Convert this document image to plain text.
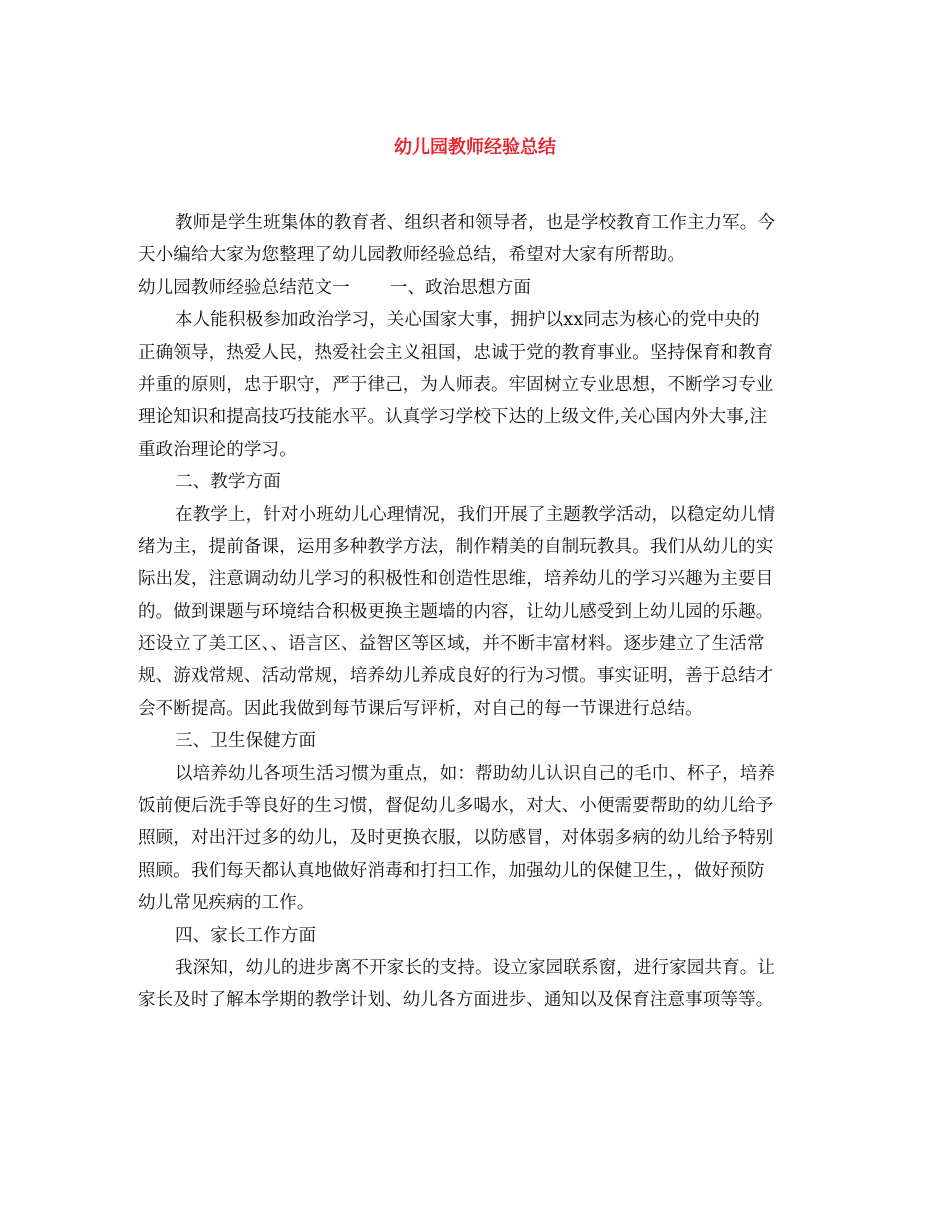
幼儿园教师经验总结

教师是学生班集体的教育者、组织者和领导者，也是学校教育工作主力军。今

天小编给大家为您整理了幼儿园教师经验总结，希望对大家有所帮助。

幼儿园教师经验总结范文一 一、政治思想方面

本人能积极参加政治学习，关心国家大事，拥护以xx同志为核心的党中央的

正确领导，热爱人民，热爱社会主义祖国，忠诚于党的教育事业。坚持保育和教育

并重的原则，忠于职守，严于律己，为人师表。牢固树立专业思想，不断学习专业

理论知识和提高技巧技能水平。认真学习学校下达的上级文件,关心国内外大事,注

重政治理论的学习。

二、教学方面

在教学上，针对小班幼儿心理情况，我们开展了主题教学活动，以稳定幼儿情

绪为主，提前备课，运用多种教学方法，制作精美的自制玩教具。我们从幼儿的实

际出发，注意调动幼儿学习的积极性和创造性思维，培养幼儿的学习兴趣为主要目

的。做到课题与环境结合积极更换主题墙的内容，让幼儿感受到上幼儿园的乐趣。

还设立了美工区、、语言区、益智区等区域，并不断丰富材料。逐步建立了生活常

规、游戏常规、活动常规，培养幼儿养成良好的行为习惯。事实证明，善于总结才

会不断提高。因此我做到每节课后写评析，对自己的每一节课进行总结。

三、卫生保健方面

以培养幼儿各项生活习惯为重点，如：帮助幼儿认识自己的毛巾、杯子，培养

饭前便后洗手等良好的生习惯，督促幼儿多喝水，对大、小便需要帮助的幼儿给予

照顾，对出汗过多的幼儿，及时更换衣服，以防感冒，对体弱多病的幼儿给予特别

照顾。我们每天都认真地做好消毒和打扫工作，加强幼儿的保健卫生，，做好预防

幼儿常见疾病的工作。

四、家长工作方面

我深知，幼儿的进步离不开家长的支持。设立家园联系窗，进行家园共育。让

家长及时了解本学期的教学计划、幼儿各方面进步、通知以及保育注意事项等等。
